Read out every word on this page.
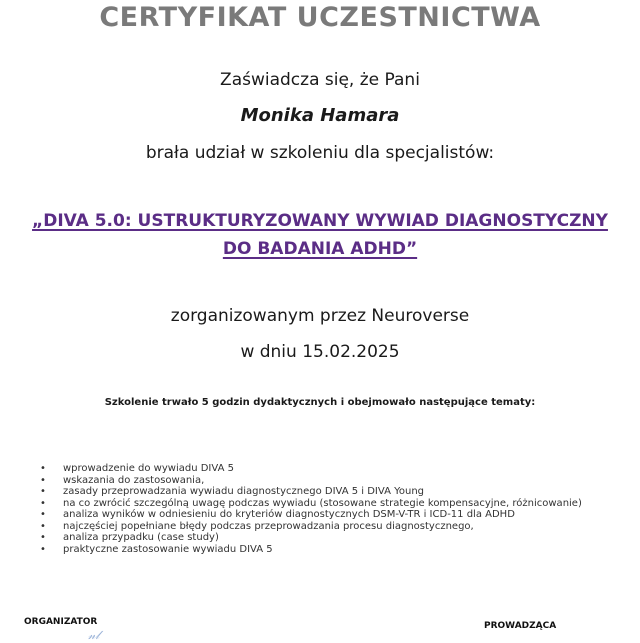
CERTYFIKAT UCZESTNICTWA
Zaświadcza się, że Pani
Monika Hamara
brała udział w szkoleniu dla specjalistów:
„DIVA 5.0: USTRUKTURYZOWANY WYWIAD DIAGNOSTYCZNY
DO BADANIA ADHD”
zorganizowanym przez Neuroverse
w dniu 15.02.2025
Szkolenie trwało 5 godzin dydaktycznych i obejmowało następujące tematy:
• wprowadzenie do wywiadu DIVA 5
• wskazania do zastosowania,
• zasady przeprowadzania wywiadu diagnostycznego DIVA 5 i DIVA Young
• na co zwrócić szczególną uwagę podczas wywiadu (stosowane strategie kompensacyjne, różnicowanie)
• analiza wyników w odniesieniu do kryteriów diagnostycznych DSM-V-TR i ICD-11 dla ADHD
• najczęściej popełniane błędy podczas przeprowadzania procesu diagnostycznego,
• analiza przypadku (case study)
• praktyczne zastosowanie wywiadu DIVA 5
ORGANIZATOR
𝓃𝓁
PROWADZĄCA
